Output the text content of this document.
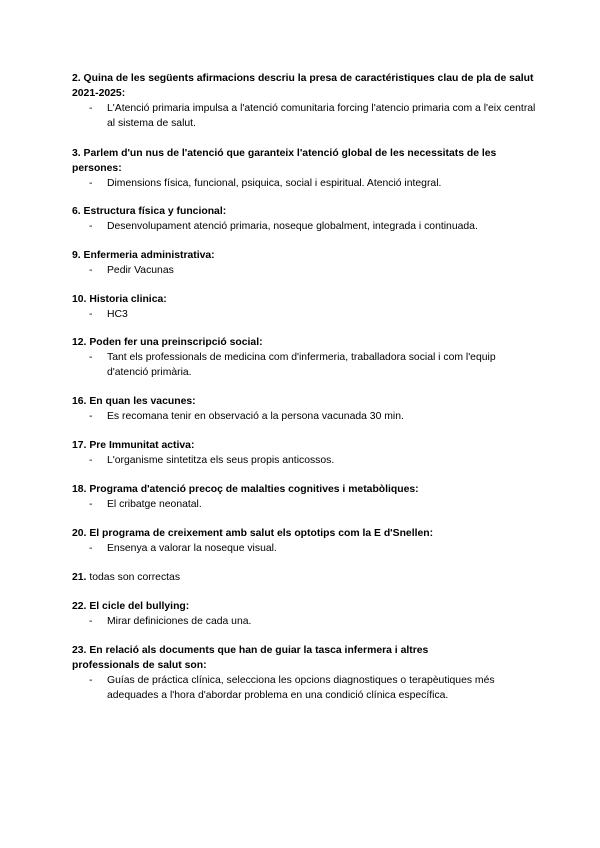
2. Quina de les següents afirmacions descriu la presa de caractéristiques clau de pla de salut 2021-2025:
- L'Atenció primaria impulsa a l'atenció comunitaria forcing l'atencio primaria com a l'eix central al sistema de salut.
3. Parlem d'un nus de l'atenció que garanteix l'atenció global de les necessitats de les persones:
- Dimensions física, funcional, psiquica, social i espiritual. Atenció integral.
6. Estructura física y funcional:
- Desenvolupament atenció primaria, noseque globalment, integrada i continuada.
9. Enfermeria administrativa:
- Pedir Vacunas
10. Historia clinica:
- HC3
12. Poden fer una preinscripció social:
- Tant els professionals de medicina com d'infermeria, traballadora social i com l'equip d'atenció primària.
16. En quan les vacunes:
- Es recomana tenir en observació a la persona vacunada 30 min.
17. Pre Immunitat activa:
- L'organisme sintetitza els seus propis anticossos.
18. Programa d'atenció precoç de malalties cognitives i metabòliques:
- El cribatge neonatal.
20. El programa de creixement amb salut els optotips com la E d'Snellen:
- Ensenya a valorar la noseque visual.
21. todas son correctas
22. El cicle del bullying:
- Mirar definiciones de cada una.
23. En relació als documents que han de guiar la tasca infermera i altres professionals de salut son:
- Guías de práctica clínica, selecciona les opcions diagnostiques o terapèutiques més adequades a l'hora d'abordar problema en una condició clínica específica.
